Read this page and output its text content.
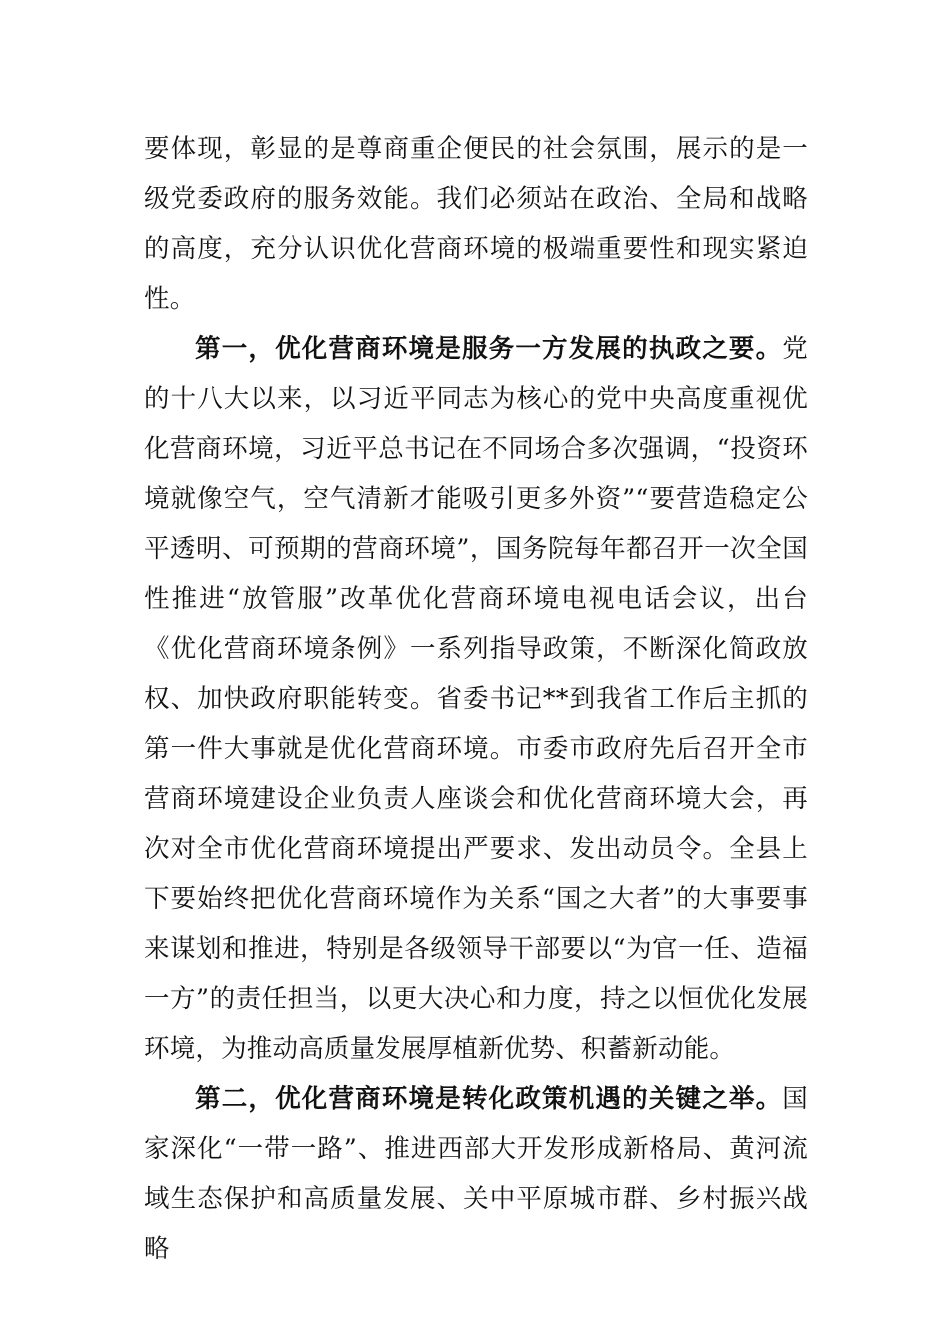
要体现，彰显的是尊商重企便民的社会氛围，展示的是一级党委政府的服务效能。我们必须站在政治、全局和战略的高度，充分认识优化营商环境的极端重要性和现实紧迫性。

第一，优化营商环境是服务一方发展的执政之要。党的十八大以来，以习近平同志为核心的党中央高度重视优化营商环境，习近平总书记在不同场合多次强调，“投资环境就像空气，空气清新才能吸引更多外资”“要营造稳定公平透明、可预期的营商环境”，国务院每年都召开一次全国性推进“放管服”改革优化营商环境电视电话会议，出台《优化营商环境条例》一系列指导政策，不断深化简政放权、加快政府职能转变。省委书记**到我省工作后主抓的第一件大事就是优化营商环境。市委市政府先后召开全市营商环境建设企业负责人座谈会和优化营商环境大会，再次对全市优化营商环境提出严要求、发出动员令。全县上下要始终把优化营商环境作为关系“国之大者”的大事要事来谋划和推进，特别是各级领导干部要以“为官一任、造福一方”的责任担当，以更大决心和力度，持之以恒优化发展环境，为推动高质量发展厚植新优势、积蓄新动能。

第二，优化营商环境是转化政策机遇的关键之举。国家深化“一带一路”、推进西部大开发形成新格局、黄河流域生态保护和高质量发展、关中平原城市群、乡村振兴战略
